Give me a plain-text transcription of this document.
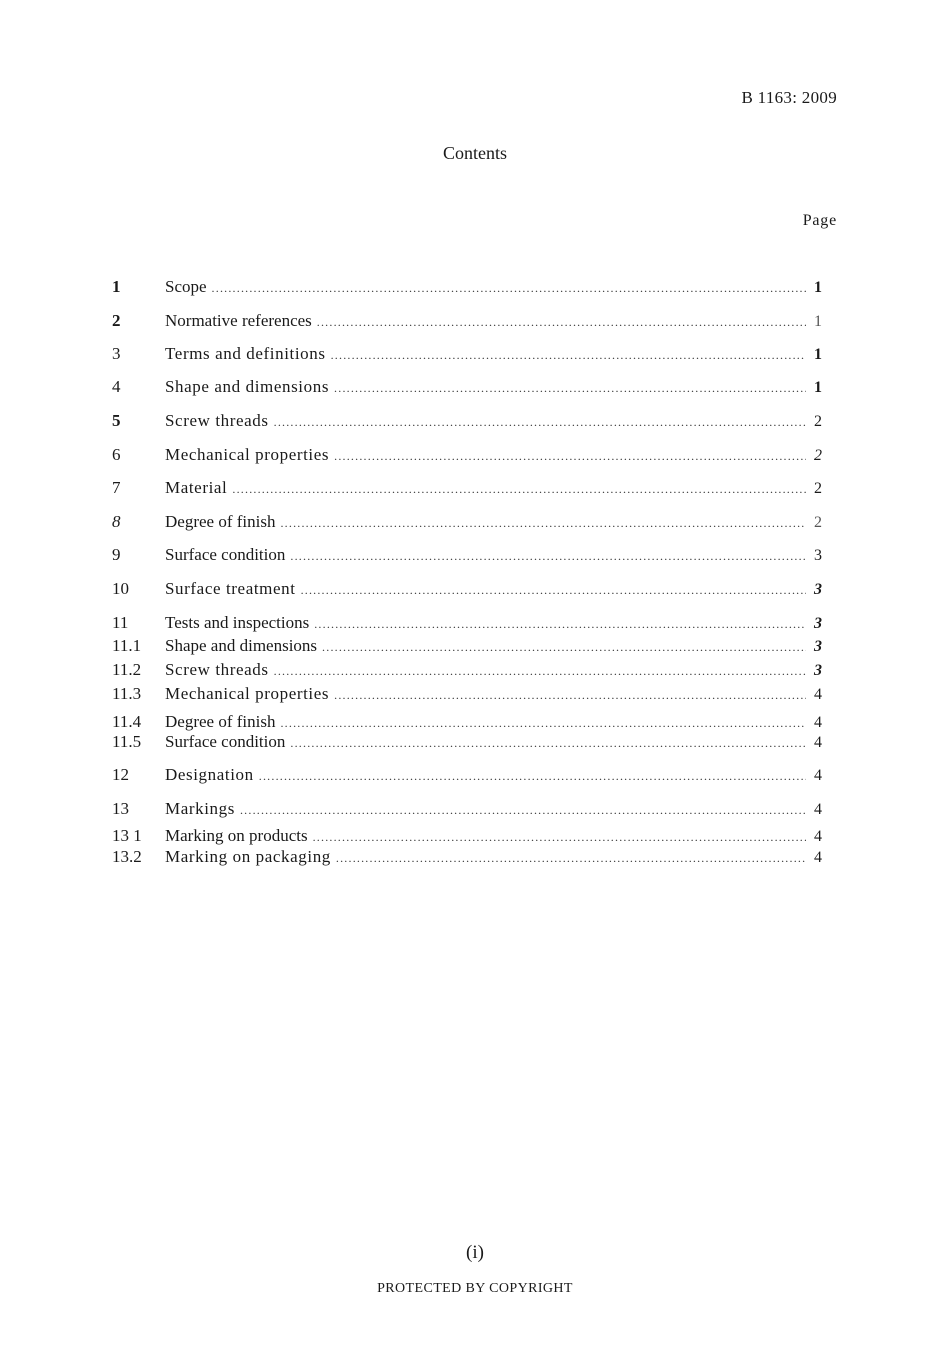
B 1163: 2009
Contents
Page
1	Scope .....	1
2	Normative references .....	1
3	Terms and definitions .....	1
4	Shape and dimensions .....	1
5	Screw threads .....	2
6	Mechanical properties .....	2
7	Material .....	2
8	Degree of finish .....	2
9	Surface condition .....	3
10	Surface treatment .....	3
11	Tests and inspections .....	3
11.1	Shape and dimensions .....	3
11.2	Screw threads .....	3
11.3	Mechanical properties .....	4
11.4	Degree of finish .....	4
11.5	Surface condition .....	4
12	Designation .....	4
13	Markings .....	4
13 1	Marking on products .....	4
13.2	Marking on packaging .....	4
(i)
PROTECTED BY COPYRIGHT
